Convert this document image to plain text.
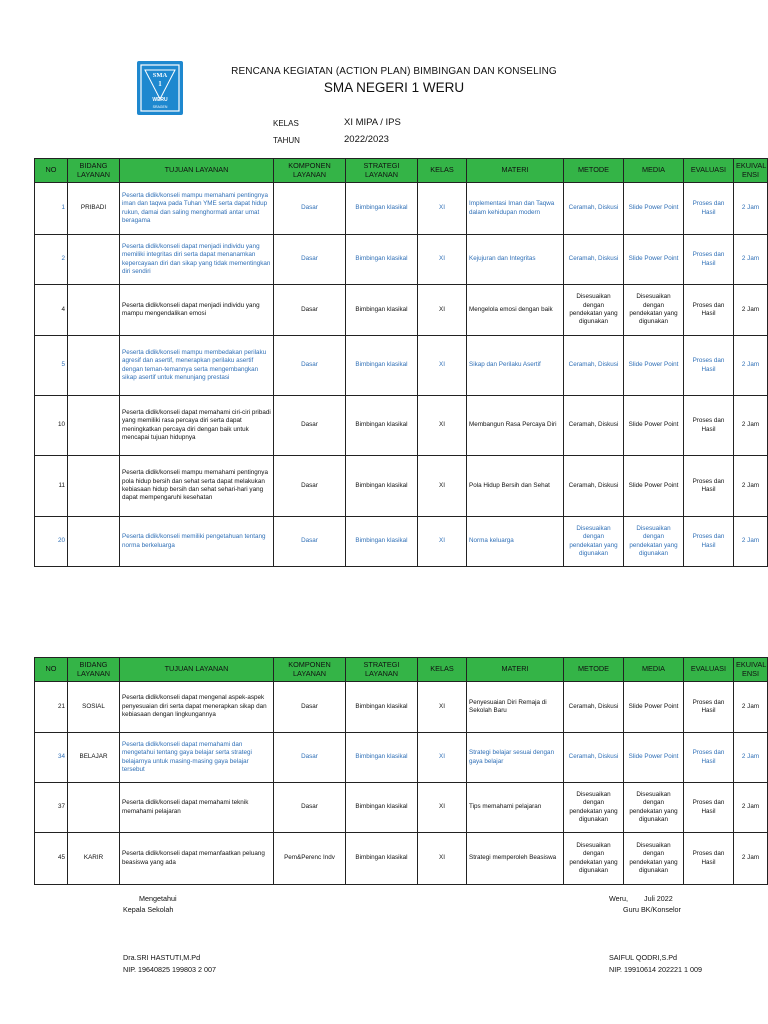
SMA
1
WERU
SRAGEN
RENCANA KEGIATAN (ACTION PLAN) BIMBINGAN DAN KONSELING
SMA NEGERI 1 WERU
KELAS	XI MIPA / IPS
TAHUN	2022/2023
NO	BIDANG LAYANAN	TUJUAN LAYANAN	KOMPONEN LAYANAN	STRATEGI LAYANAN	KELAS	MATERI	METODE	MEDIA	EVALUASI	EKUIVAL ENSI
1	PRIBADI	Peserta didik/konseli mampu memahami pentingnya iman dan taqwa pada Tuhan YME serta dapat hidup rukun, damai dan saling menghormati antar umat beragama	Dasar	Bimbingan klasikal	XI	Implementasi Iman dan Taqwa dalam kehidupan modern	Ceramah, Diskusi	Slide Power Point	Proses dan Hasil	2 Jam
2		Peserta didik/konseli dapat menjadi individu yang memiliki integritas diri serta dapat menanamkan kepercayaan diri dan sikap yang tidak mementingkan diri sendiri	Dasar	Bimbingan klasikal	XI	Kejujuran dan Integritas	Ceramah, Diskusi	Slide Power Point	Proses dan Hasil	2 Jam
4		Peserta didik/konseli dapat menjadi individu yang mampu mengendalikan emosi	Dasar	Bimbingan klasikal	XI	Mengelola emosi dengan baik	Disesuaikan dengan pendekatan yang digunakan	Disesuaikan dengan pendekatan yang digunakan	Proses dan Hasil	2 Jam
5		Peserta didik/konseli mampu membedakan perilaku agresif dan asertif, menerapkan perilaku asertif dengan teman-temannya serta mengembangkan sikap asertif untuk menunjang prestasi	Dasar	Bimbingan klasikal	XI	Sikap dan Perilaku Asertif	Ceramah, Diskusi	Slide Power Point	Proses dan Hasil	2 Jam
10		Peserta didik/konseli dapat memahami ciri-ciri pribadi yang memiliki rasa percaya diri serta dapat meningkatkan percaya diri dengan baik untuk mencapai tujuan hidupnya	Dasar	Bimbingan klasikal	XI	Membangun Rasa Percaya Diri	Ceramah, Diskusi	Slide Power Point	Proses dan Hasil	2 Jam
11		Peserta didik/konseli mampu memahami pentingnya pola hidup bersih dan sehat serta dapat melakukan kebiasaan hidup bersih dan sehat sehari-hari yang dapat mempengaruhi kesehatan	Dasar	Bimbingan klasikal	XI	Pola Hidup Bersih dan Sehat	Ceramah, Diskusi	Slide Power Point	Proses dan Hasil	2 Jam
20		Peserta didik/konseli memiliki pengetahuan tentang norma berkeluarga	Dasar	Bimbingan klasikal	XI	Norma keluarga	Disesuaikan dengan pendekatan yang digunakan	Disesuaikan dengan pendekatan yang digunakan	Proses dan Hasil	2 Jam
NO	BIDANG LAYANAN	TUJUAN LAYANAN	KOMPONEN LAYANAN	STRATEGI LAYANAN	KELAS	MATERI	METODE	MEDIA	EVALUASI	EKUIVAL ENSI
21	SOSIAL	Peserta didik/konseli dapat mengenal aspek-aspek penyesuaian diri serta dapat menerapkan sikap dan kebiasaan dengan lingkungannya	Dasar	Bimbingan klasikal	XI	Penyesuaian Diri Remaja di Sekolah Baru	Ceramah, Diskusi	Slide Power Point	Proses dan Hasil	2 Jam
34	BELAJAR	Peserta didik/konseli dapat memahami dan mengetahui tentang gaya belajar serta strategi belajarnya untuk masing-masing gaya belajar tersebut	Dasar	Bimbingan klasikal	XI	Strategi belajar sesuai dengan gaya belajar	Ceramah, Diskusi	Slide Power Point	Proses dan Hasil	2 Jam
37		Peserta didik/konseli dapat memahami teknik memahami pelajaran	Dasar	Bimbingan klasikal	XI	Tips memahami pelajaran	Disesuaikan dengan pendekatan yang digunakan	Disesuaikan dengan pendekatan yang digunakan	Proses dan Hasil	2 Jam
45	KARIR	Peserta didik/konseli dapat memanfaatkan peluang beasiswa yang ada	Pem&Perenc Indv	Bimbingan klasikal	XI	Strategi memperoleh Beasiswa	Disesuaikan dengan pendekatan yang digunakan	Disesuaikan dengan pendekatan yang digunakan	Proses dan Hasil	2 Jam
Mengetahui
Kepala Sekolah
Dra.SRI HASTUTI,M.Pd
NIP. 19640825 199803 2 007
Weru,        Juli 2022
Guru BK/Konselor
SAIFUL QODRI,S.Pd
NIP. 19910614 202221 1 009
